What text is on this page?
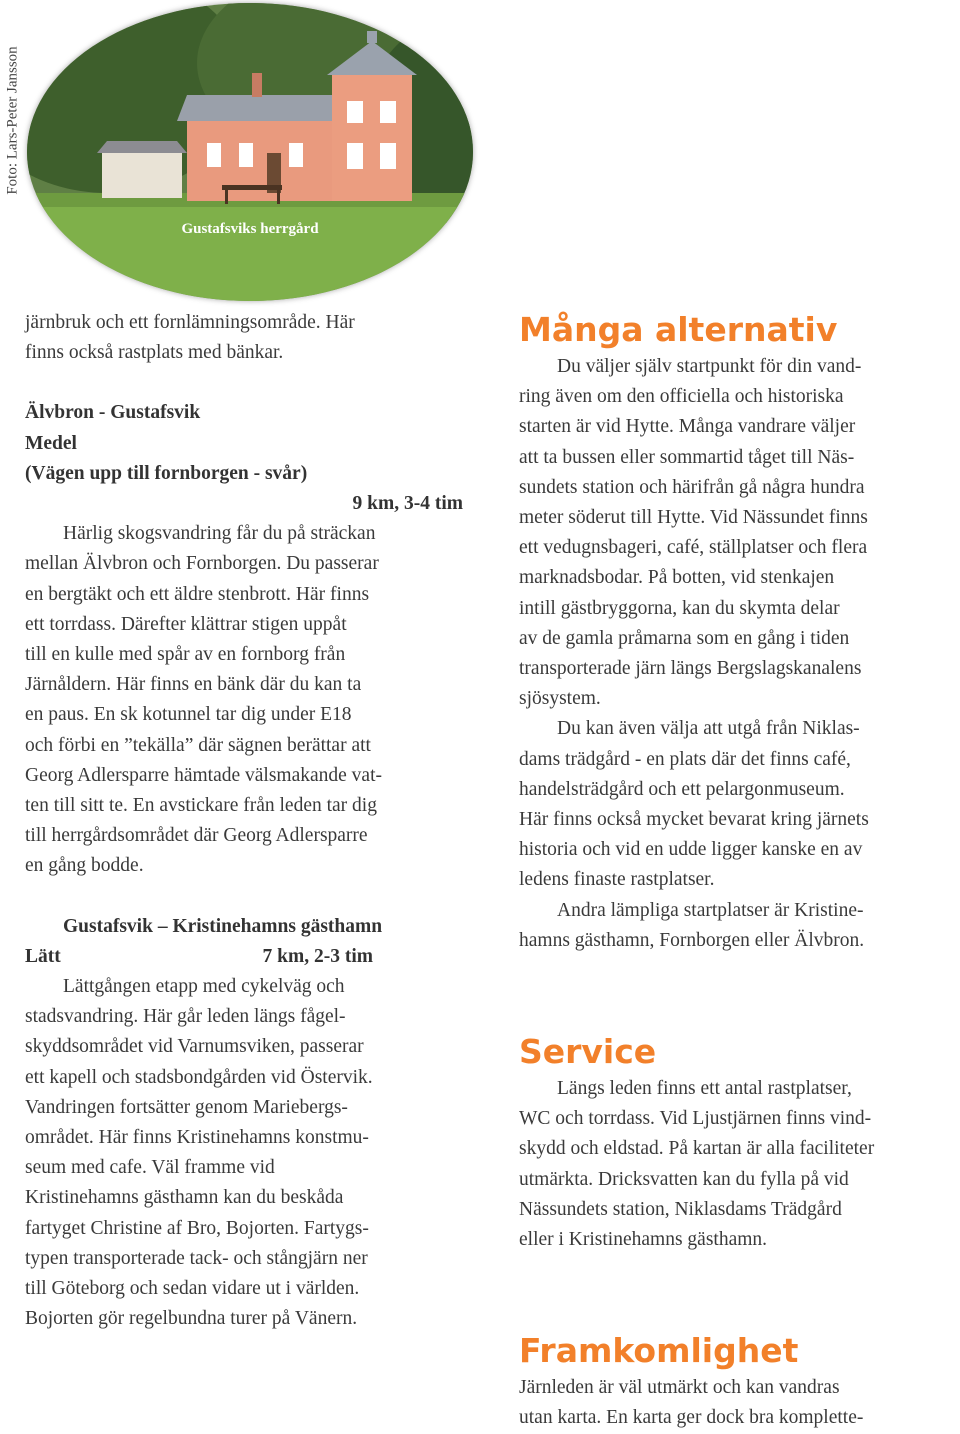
Foto: Lars-Peter Jansson
Gustafsviks herrgård

järnbruk och ett fornlämningsområde. Här

finns också rastplats med bänkar.

Älvbron - Gustafsvik

Medel

(Vägen upp till fornborgen - svår)

9 km, 3-4 tim

Härlig skogsvandring får du på sträckan

mellan Älvbron och Fornborgen. Du passerar

en bergtäkt och ett äldre stenbrott. Här finns

ett torrdass. Därefter klättrar stigen uppåt

till en kulle med spår av en fornborg från

Järnåldern. Här finns en bänk där du kan ta

en paus. En sk kotunnel tar dig under E18

och förbi en ”tekälla” där sägnen berättar att

Georg Adlersparre hämtade välsmakande vat-

ten till sitt te. En avstickare från leden tar dig

till herrgårdsområdet där Georg Adlersparre

en gång bodde.

Gustafsvik – Kristinehamns gästhamn

Lätt	7 km, 2-3 tim

Lättgången etapp med cykelväg och

stadsvandring. Här går leden längs fågel-

skyddsområdet vid Varnumsviken, passerar

ett kapell och stadsbondgården vid Östervik.

Vandringen fortsätter genom Mariebergs-

området. Här finns Kristinehamns konstmu-

seum med cafe. Väl framme vid

Kristinehamns gästhamn kan du beskåda

fartyget Christine af Bro, Bojorten. Fartygs-

typen transporterade tack- och stångjärn ner

till Göteborg och sedan vidare ut i världen.

Bojorten gör regelbundna turer på Vänern.

Många alternativ

Du väljer själv startpunkt för din vand-

ring även om den officiella och historiska

starten är vid Hytte. Många vandrare väljer

att ta bussen eller sommartid tåget till Näs-

sundets station och härifrån gå några hundra

meter söderut till Hytte. Vid Nässundet finns

ett vedugnsbageri, café, ställplatser och flera

marknadsbodar. På botten, vid stenkajen

intill gästbryggorna, kan du skymta delar

av de gamla pråmarna som en gång i tiden

transporterade järn längs Bergslagskanalens

sjösystem.

Du kan även välja att utgå från Niklas-

dams trädgård - en plats där det finns café,

handelsträdgård och ett pelargonmuseum.

Här finns också mycket bevarat kring järnets

historia och vid en udde ligger kanske en av

ledens finaste rastplatser.

Andra lämpliga startplatser är Kristine-

hamns gästhamn, Fornborgen eller Älvbron.

Service

Längs leden finns ett antal rastplatser,

WC och torrdass. Vid Ljustjärnen finns vind-

skydd och eldstad. På kartan är alla faciliteter

utmärkta. Dricksvatten kan du fylla på vid

Nässundets station, Niklasdams Trädgård

eller i Kristinehamns gästhamn.

Framkomlighet

Järnleden är väl utmärkt och kan vandras

utan karta. En karta ger dock bra komplette-
